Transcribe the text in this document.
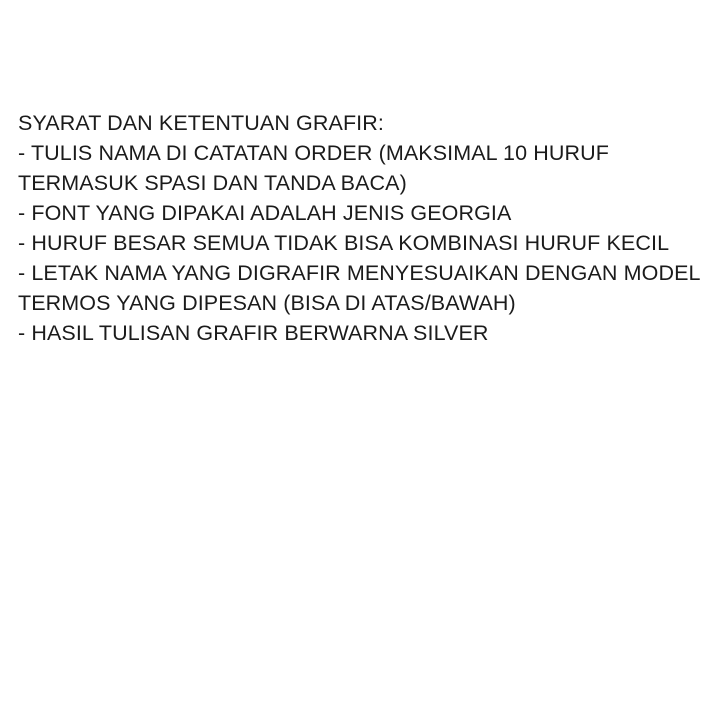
SYARAT DAN KETENTUAN GRAFIR:
- TULIS NAMA DI CATATAN ORDER (MAKSIMAL 10 HURUF TERMASUK SPASI DAN TANDA BACA)
- FONT YANG DIPAKAI ADALAH JENIS GEORGIA
- HURUF BESAR SEMUA TIDAK BISA KOMBINASI HURUF KECIL
- LETAK NAMA YANG DIGRAFIR MENYESUAIKAN DENGAN MODEL TERMOS YANG DIPESAN (BISA DI ATAS/BAWAH)
- HASIL TULISAN GRAFIR BERWARNA SILVER
